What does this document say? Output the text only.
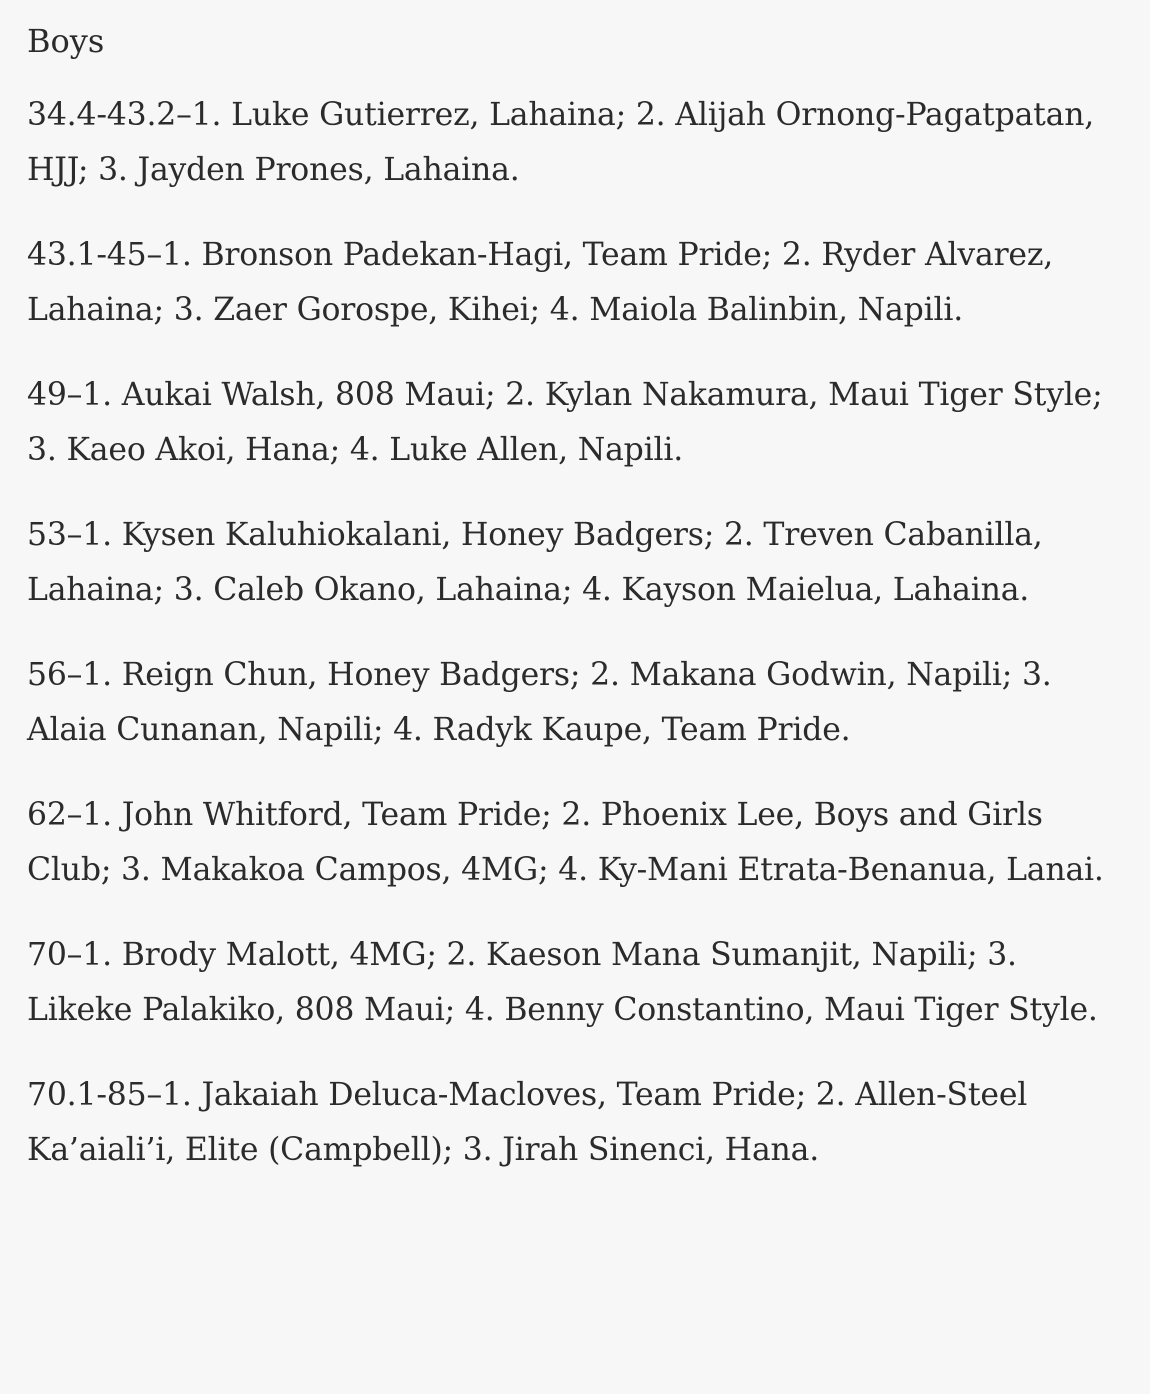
Boys

34.4-43.2–1. Luke Gutierrez, Lahaina; 2. Alijah Ornong-Pagatpatan, HJJ; 3. Jayden Prones, Lahaina.

43.1-45–1. Bronson Padekan-Hagi, Team Pride; 2. Ryder Alvarez, Lahaina; 3. Zaer Gorospe, Kihei; 4. Maiola Balinbin, Napili.

49–1. Aukai Walsh, 808 Maui; 2. Kylan Nakamura, Maui Tiger Style; 3. Kaeo Akoi, Hana; 4. Luke Allen, Napili.

53–1. Kysen Kaluhiokalani, Honey Badgers; 2. Treven Cabanilla, Lahaina; 3. Caleb Okano, Lahaina; 4. Kayson Maielua, Lahaina.

56–1. Reign Chun, Honey Badgers; 2. Makana Godwin, Napili; 3. Alaia Cunanan, Napili; 4. Radyk Kaupe, Team Pride.

62–1. John Whitford, Team Pride; 2. Phoenix Lee, Boys and Girls Club; 3. Makakoa Campos, 4MG; 4. Ky-Mani Etrata-Benanua, Lanai.

70–1. Brody Malott, 4MG; 2. Kaeson Mana Sumanjit, Napili; 3. Likeke Palakiko, 808 Maui; 4. Benny Constantino, Maui Tiger Style.

70.1-85–1. Jakaiah Deluca-Macloves, Team Pride; 2. Allen-Steel Ka’aiali’i, Elite (Campbell); 3. Jirah Sinenci, Hana.
